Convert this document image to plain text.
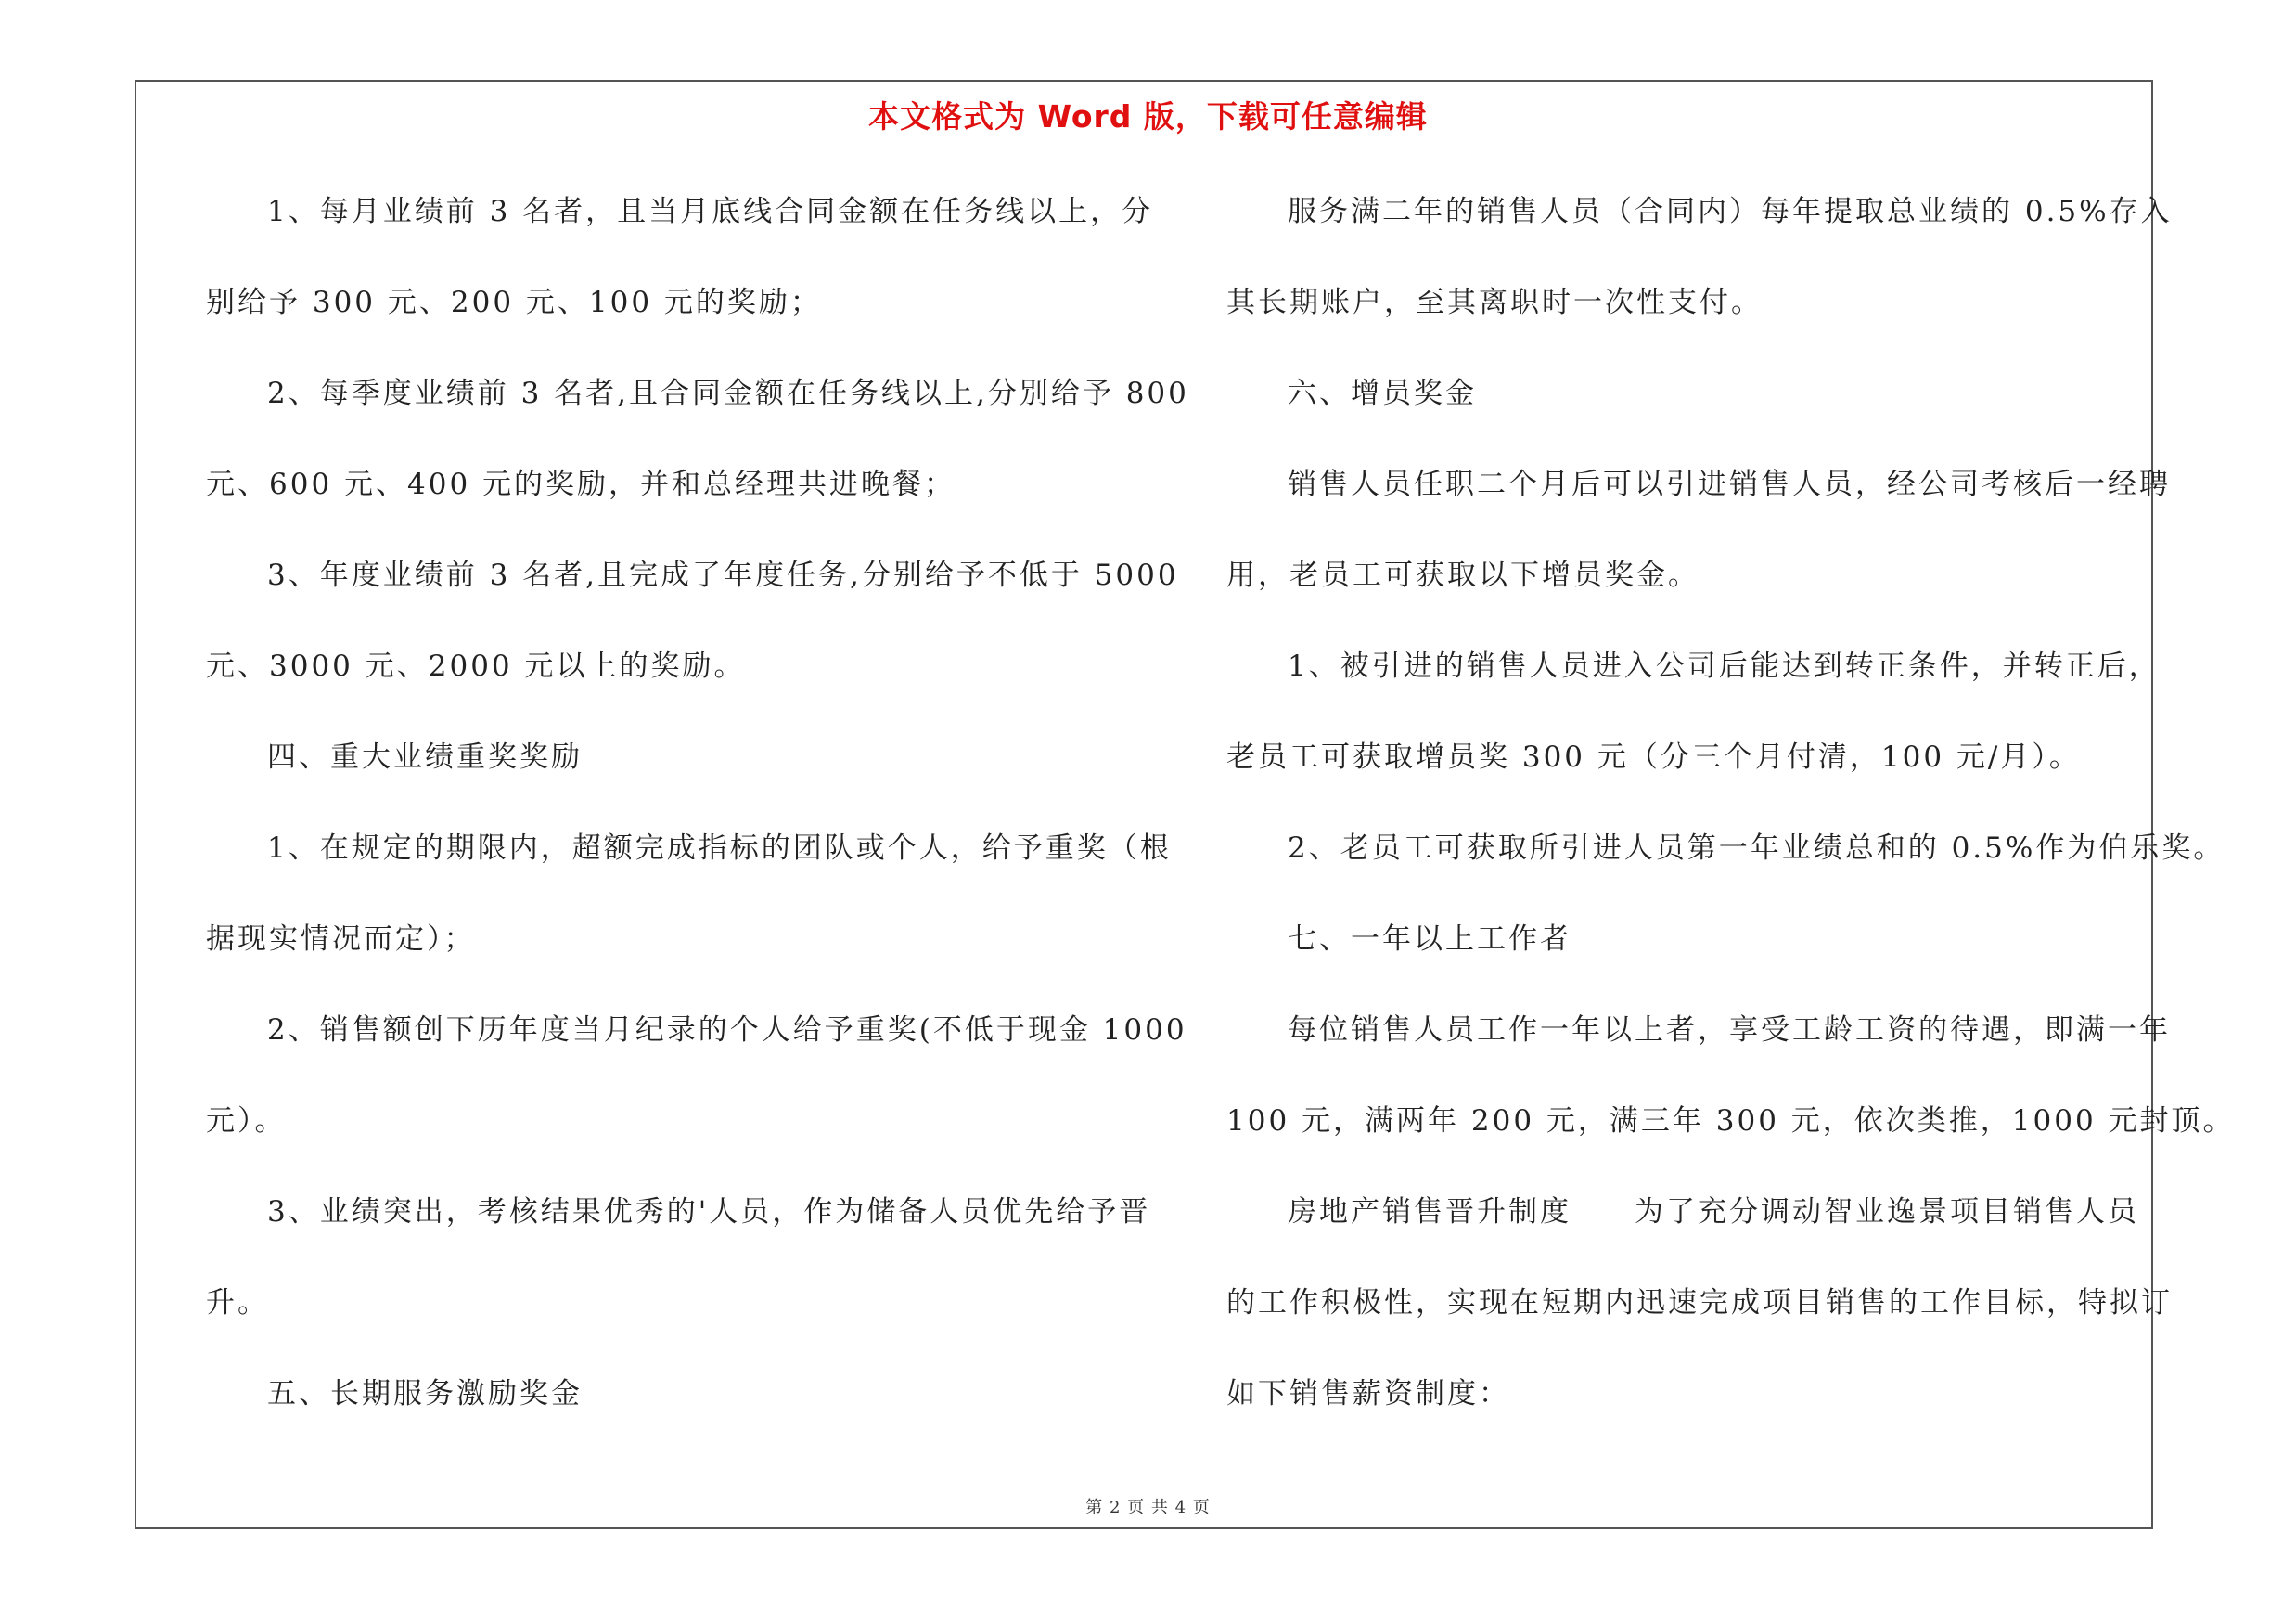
本文格式为 Word 版，下载可任意编辑
1、每月业绩前 3 名者，且当月底线合同金额在任务线以上，分
别给予 300 元、200 元、100 元的奖励；
2、每季度业绩前 3 名者,且合同金额在任务线以上,分别给予 800
元、600 元、400 元的奖励，并和总经理共进晚餐；
3、年度业绩前 3 名者,且完成了年度任务,分别给予不低于 5000
元、3000 元、2000 元以上的奖励。
四、重大业绩重奖奖励
1、在规定的期限内，超额完成指标的团队或个人，给予重奖（根
据现实情况而定）；
2、销售额创下历年度当月纪录的个人给予重奖(不低于现金 1000
元）。
3、业绩突出，考核结果优秀的'人员，作为储备人员优先给予晋
升。
五、长期服务激励奖金
服务满二年的销售人员（合同内）每年提取总业绩的 0.5%存入
其长期账户，至其离职时一次性支付。
六、增员奖金
销售人员任职二个月后可以引进销售人员，经公司考核后一经聘
用，老员工可获取以下增员奖金。
1、被引进的销售人员进入公司后能达到转正条件，并转正后，
老员工可获取增员奖 300 元（分三个月付清，100 元/月）。
2、老员工可获取所引进人员第一年业绩总和的 0.5%作为伯乐奖。
七、一年以上工作者
每位销售人员工作一年以上者，享受工龄工资的待遇，即满一年
100 元，满两年 200 元，满三年 300 元，依次类推，1000 元封顶。
房地产销售晋升制度　　为了充分调动智业逸景项目销售人员
的工作积极性，实现在短期内迅速完成项目销售的工作目标，特拟订
如下销售薪资制度：
第 2 页 共 4 页
